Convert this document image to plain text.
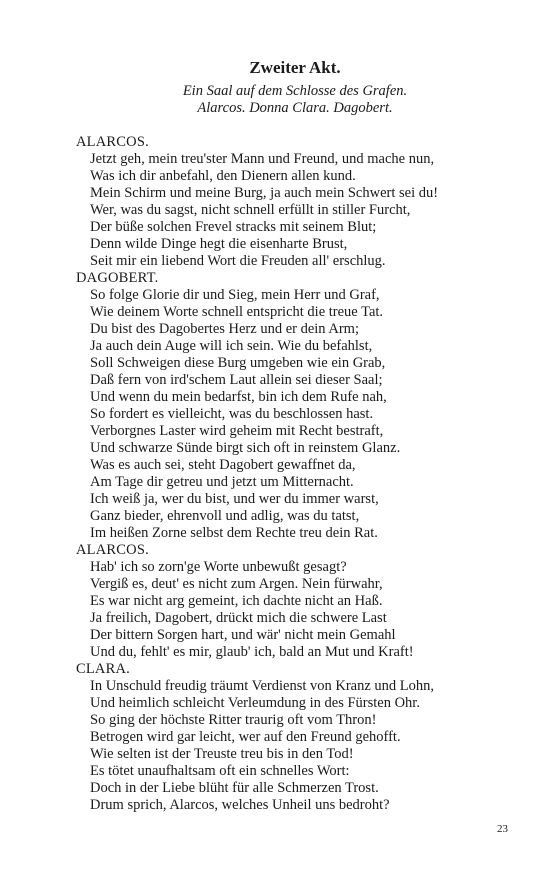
Zweiter Akt.
Ein Saal auf dem Schlosse des Grafen.
Alarcos. Donna Clara. Dagobert.
ALARCOS.
Jetzt geh, mein treu'ster Mann und Freund, und mache nun,
Was ich dir anbefahl, den Dienern allen kund.
Mein Schirm und meine Burg, ja auch mein Schwert sei du!
Wer, was du sagst, nicht schnell erfüllt in stiller Furcht,
Der büße solchen Frevel stracks mit seinem Blut;
Denn wilde Dinge hegt die eisenharte Brust,
Seit mir ein liebend Wort die Freuden all' erschlug.
DAGOBERT.
So folge Glorie dir und Sieg, mein Herr und Graf,
Wie deinem Worte schnell entspricht die treue Tat.
Du bist des Dagobertes Herz und er dein Arm;
Ja auch dein Auge will ich sein. Wie du befahlst,
Soll Schweigen diese Burg umgeben wie ein Grab,
Daß fern von ird'schem Laut allein sei dieser Saal;
Und wenn du mein bedarfst, bin ich dem Rufe nah,
So fordert es vielleicht, was du beschlossen hast.
Verborgnes Laster wird geheim mit Recht bestraft,
Und schwarze Sünde birgt sich oft in reinstem Glanz.
Was es auch sei, steht Dagobert gewaffnet da,
Am Tage dir getreu und jetzt um Mitternacht.
Ich weiß ja, wer du bist, und wer du immer warst,
Ganz bieder, ehrenvoll und adlig, was du tatst,
Im heißen Zorne selbst dem Rechte treu dein Rat.
ALARCOS.
Hab' ich so zorn'ge Worte unbewußt gesagt?
Vergiß es, deut' es nicht zum Argen. Nein fürwahr,
Es war nicht arg gemeint, ich dachte nicht an Haß.
Ja freilich, Dagobert, drückt mich die schwere Last
Der bittern Sorgen hart, und wär' nicht mein Gemahl
Und du, fehlt' es mir, glaub' ich, bald an Mut und Kraft!
CLARA.
In Unschuld freudig träumt Verdienst von Kranz und Lohn,
Und heimlich schleicht Verleumdung in des Fürsten Ohr.
So ging der höchste Ritter traurig oft vom Thron!
Betrogen wird gar leicht, wer auf den Freund gehofft.
Wie selten ist der Treuste treu bis in den Tod!
Es tötet unaufhaltsam oft ein schnelles Wort:
Doch in der Liebe blüht für alle Schmerzen Trost.
Drum sprich, Alarcos, welches Unheil uns bedroht?
23
